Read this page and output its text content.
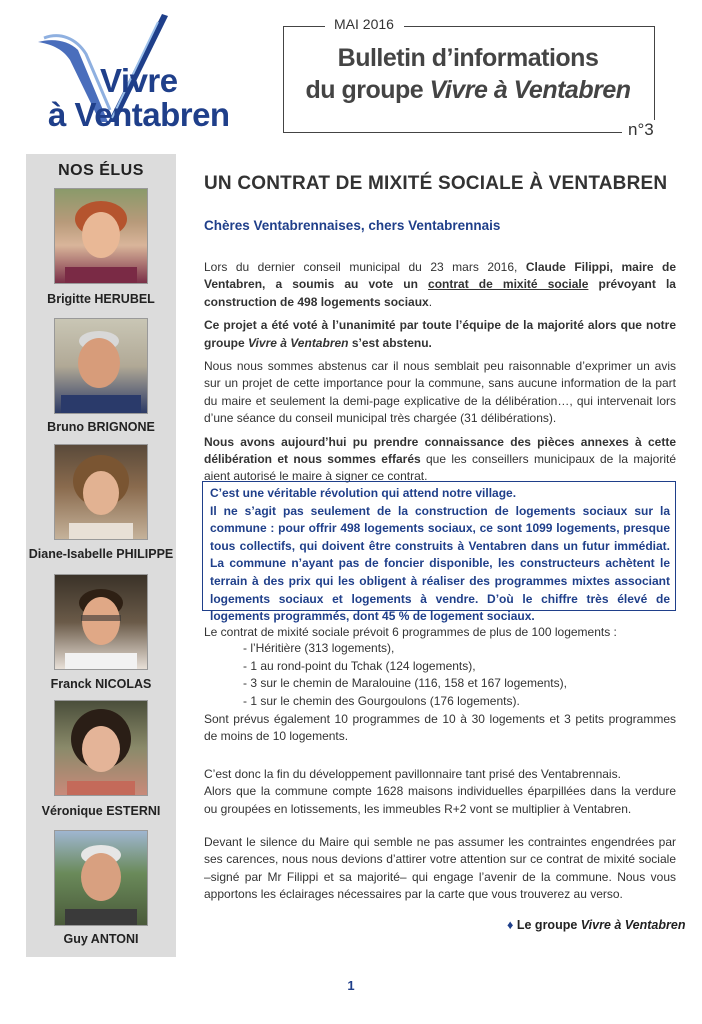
Vivre
à Ventabren
MAI 2016
Bulletin d’informations
du groupe Vivre à Ventabren
n°3
NOS ÉLUS
Brigitte HERUBEL
Bruno BRIGNONE
Diane-Isabelle PHILIPPE
Franck NICOLAS
Véronique ESTERNI
Guy ANTONI
UN CONTRAT DE MIXITÉ SOCIALE À VENTABREN
Chères Ventabrennaises, chers Ventabrennais

Lors du dernier conseil municipal du 23 mars 2016, Claude Filippi, maire de Ventabren, a soumis au vote un contrat de mixité sociale prévoyant la construction de 498 logements sociaux.

Ce projet a été voté à l’unanimité par toute l’équipe de la majorité alors que notre groupe Vivre à Ventabren s’est abstenu.

Nous nous sommes abstenus car il nous semblait peu raisonnable d’exprimer un avis sur un projet de cette importance pour la commune, sans aucune information de la part du maire et seulement la demi-page explicative de la délibération…, qui intervenait lors d’une séance du conseil municipal très chargée (31 délibérations).

Nous avons aujourd’hui pu prendre connaissance des pièces annexes à cette délibération et nous sommes effarés que les conseillers municipaux de la majorité aient autorisé le maire à signer ce contrat.

C’est une véritable révolution qui attend notre village.

Il ne s’agit pas seulement de la construction de logements sociaux sur la commune : pour offrir 498 logements sociaux, ce sont 1099 logements, presque tous collectifs, qui doivent être construits à Ventabren dans un futur immédiat. La commune n’ayant pas de foncier disponible, les constructeurs achètent le terrain à des prix qui les obligent à réaliser des programmes mixtes associant logements sociaux et logements à vendre. D’où le chiffre très élevé de logements programmés, dont 45 % de logement sociaux.

Le contrat de mixité sociale prévoit 6 programmes de plus de 100 logements :
- l’Héritière (313 logements),
- 1 au rond-point du Tchak (124 logements),
- 3 sur le chemin de Maralouine (116, 158 et 167 logements),
- 1 sur le chemin des Gourgoulons (176 logements).
Sont prévus également 10 programmes de 10 à 30 logements et 3 petits programmes de moins de 10 logements.

C’est donc la fin du développement pavillonnaire tant prisé des Ventabrennais.

Alors que la commune compte 1628 maisons individuelles éparpillées dans la verdure ou groupées en lotissements, les immeubles R+2 vont se multiplier à Ventabren.

Devant le silence du Maire qui semble ne pas assumer les contraintes engendrées par ses carences, nous nous devions d’attirer votre attention sur ce contrat de mixité sociale –signé par Mr Filippi et sa majorité– qui engage l’avenir de la commune. Nous vous apportons les éclairages nécessaires par la carte que vous trouverez au verso.
♦ Le groupe Vivre à Ventabren
1
